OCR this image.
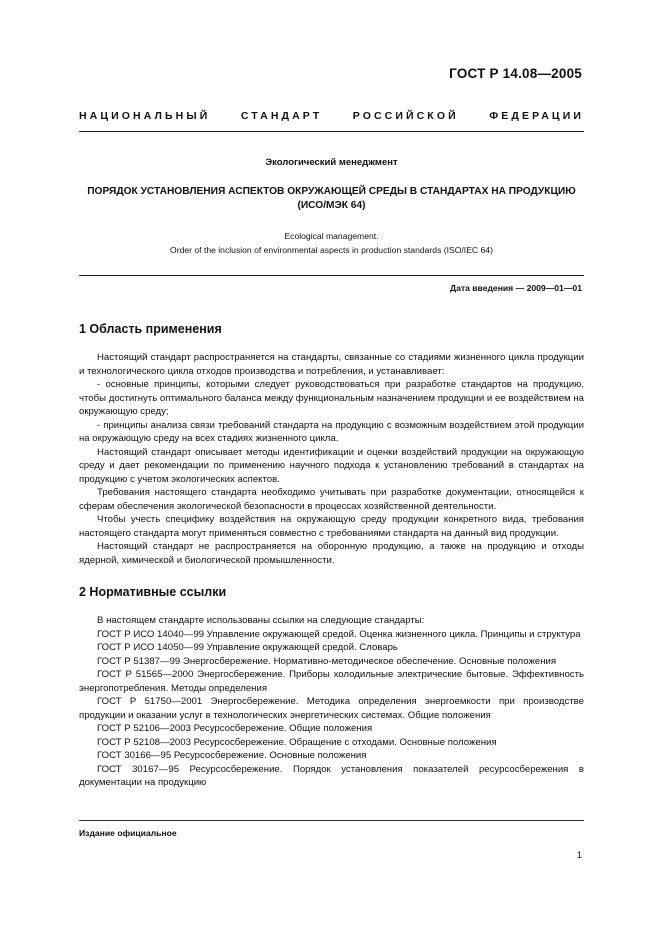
ГОСТ Р 14.08—2005
НАЦИОНАЛЬНЫЙ СТАНДАРТ РОССИЙСКОЙ ФЕДЕРАЦИИ
Экологический менеджмент
ПОРЯДОК УСТАНОВЛЕНИЯ АСПЕКТОВ ОКРУЖАЮЩЕЙ СРЕДЫ В СТАНДАРТАХ НА ПРОДУКЦИЮ (ИСО/МЭК 64)
Ecological management.
Order of the inclusion of environmental aspects in production standards (ISO/IEC 64)
Дата введения — 2009—01—01
1 Область применения

Настоящий стандарт распространяется на стандарты, связанные со стадиями жизненного цикла продукции и технологического цикла отходов производства и потребления, и устанавливает:

- основные принципы, которыми следует руководствоваться при разработке стандартов на продукцию, чтобы достигнуть оптимального баланса между функциональным назначением продукции и ее воздействием на окружающую среду;

- принципы анализа связи требований стандарта на продукцию с возможным воздействием этой продукции на окружающую среду на всех стадиях жизненного цикла.

Настоящий стандарт описывает методы идентификации и оценки воздействий продукции на окружающую среду и дает рекомендации по применению научного подхода к установлению требований в стандартах на продукцию с учетом экологических аспектов.

Требования настоящего стандарта необходимо учитывать при разработке документации, относящейся к сферам обеспечения экологической безопасности в процессах хозяйственной деятельности.

Чтобы учесть специфику воздействия на окружающую среду продукции конкретного вида, требования настоящего стандарта могут применяться совместно с требованиями стандарта на данный вид продукции.

Настоящий стандарт не распространяется на оборонную продукцию, а также на продукцию и отходы ядерной, химической и биологической промышленности.

2 Нормативные ссылки

В настоящем стандарте использованы ссылки на следующие стандарты:

ГОСТ Р ИСО 14040—99 Управление окружающей средой. Оценка жизненного цикла. Принципы и структура

ГОСТ Р ИСО 14050—99 Управление окружающей средой. Словарь

ГОСТ Р 51387—99 Энергосбережение. Нормативно-методическое обеспечение. Основные положения

ГОСТ Р 51565—2000 Энергосбережение. Приборы холодильные электрические бытовые. Эффективность энергопотребления. Методы определения

ГОСТ Р 51750—2001 Энергосбережение. Методика определения энергоемкости при производстве продукции и оказании услуг в технологических энергетических системах. Общие положения

ГОСТ Р 52106—2003 Ресурсосбережение. Общие положения

ГОСТ Р 52108—2003 Ресурсосбережение. Обращение с отходами. Основные положения

ГОСТ 30166—95 Ресурсосбережение. Основные положения

ГОСТ 30167—95 Ресурсосбережение. Порядок установления показателей ресурсосбережения в документации на продукцию

Издание официальное
1
